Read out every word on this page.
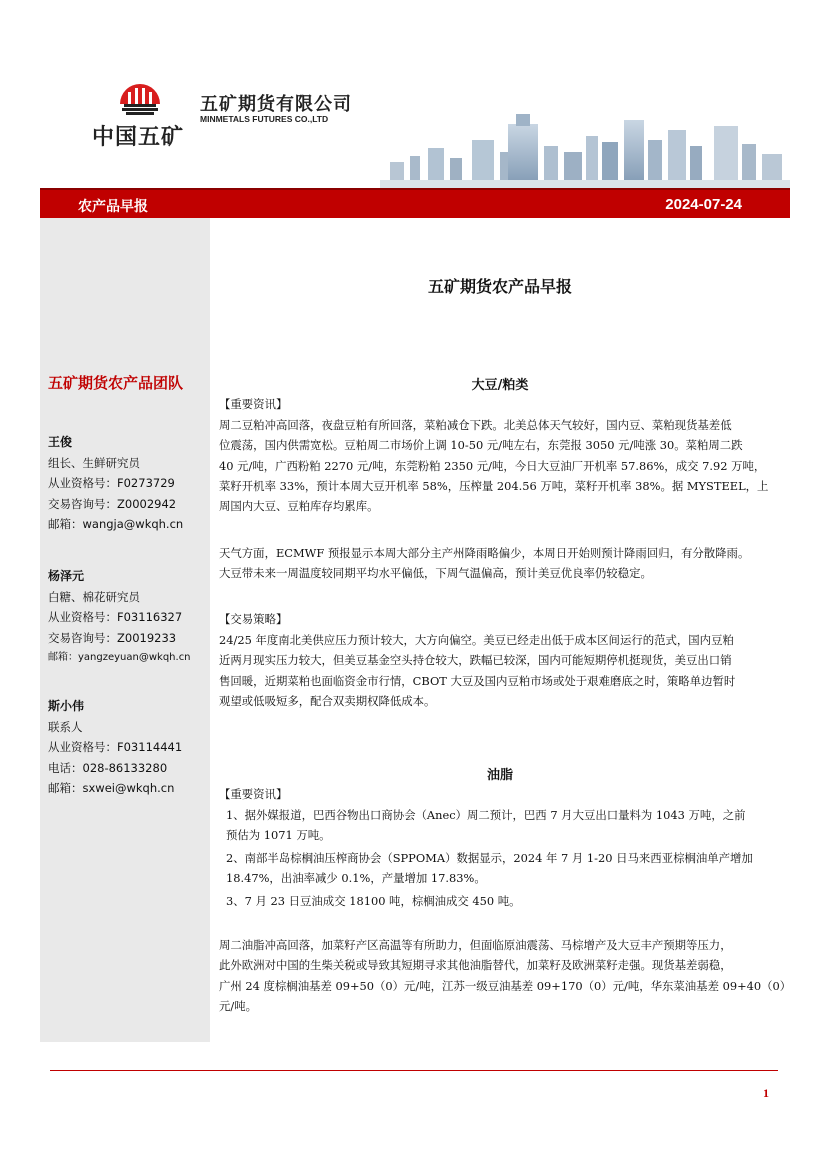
中国五矿
五矿期货有限公司
MINMETALS FUTURES CO.,LTD
农产品早报	2024-07-24
五矿期货农产品团队
王俊
组长、生鲜研究员
从业资格号：F0273729
交易咨询号：Z0002942
邮箱：wangja@wkqh.cn
杨泽元
白糖、棉花研究员
从业资格号：F03116327
交易咨询号：Z0019233
邮箱：yangzeyuan@wkqh.cn
斯小伟
联系人
从业资格号：F03114441
电话：028-86133280
邮箱：sxwei@wkqh.cn
五矿期货农产品早报
大豆/粕类
【重要资讯】
周二豆粕冲高回落，夜盘豆粕有所回落，菜粕减仓下跌。北美总体天气较好，国内豆、菜粕现货基差低
位震荡，国内供需宽松。豆粕周二市场价上调 10-50 元/吨左右，东莞报 3050 元/吨涨 30。菜粕周二跌
40 元/吨，广西粉粕 2270 元/吨，东莞粉粕 2350 元/吨，今日大豆油厂开机率 57.86%，成交 7.92 万吨，
菜籽开机率 33%，预计本周大豆开机率 58%，压榨量 204.56 万吨，菜籽开机率 38%。据 MYSTEEL，上
周国内大豆、豆粕库存均累库。
天气方面，ECMWF 预报显示本周大部分主产州降雨略偏少，本周日开始则预计降雨回归，有分散降雨。
大豆带未来一周温度较同期平均水平偏低，下周气温偏高，预计美豆优良率仍较稳定。
【交易策略】
24/25 年度南北美供应压力预计较大，大方向偏空。美豆已经走出低于成本区间运行的范式，国内豆粕
近两月现实压力较大，但美豆基金空头持仓较大，跌幅已较深，国内可能短期停机挺现货，美豆出口销
售回暖，近期菜粕也面临资金市行情，CBOT 大豆及国内豆粕市场或处于艰难磨底之时，策略单边暂时
观望或低吸短多，配合双卖期权降低成本。
油脂
【重要资讯】
1、据外媒报道，巴西谷物出口商协会（Anec）周二预计，巴西 7 月大豆出口量料为 1043 万吨，之前
预估为 1071 万吨。
2、南部半岛棕榈油压榨商协会（SPPOMA）数据显示，2024 年 7 月 1-20 日马来西亚棕榈油单产增加
18.47%，出油率减少 0.1%，产量增加 17.83%。
3、7 月 23 日豆油成交 18100 吨，棕榈油成交 450 吨。
周二油脂冲高回落，加菜籽产区高温等有所助力，但面临原油震荡、马棕增产及大豆丰产预期等压力，
此外欧洲对中国的生柴关税或导致其短期寻求其他油脂替代，加菜籽及欧洲菜籽走强。现货基差弱稳，
广州 24 度棕榈油基差 09+50（0）元/吨，江苏一级豆油基差 09+170（0）元/吨，华东菜油基差 09+40（0）
元/吨。
1
